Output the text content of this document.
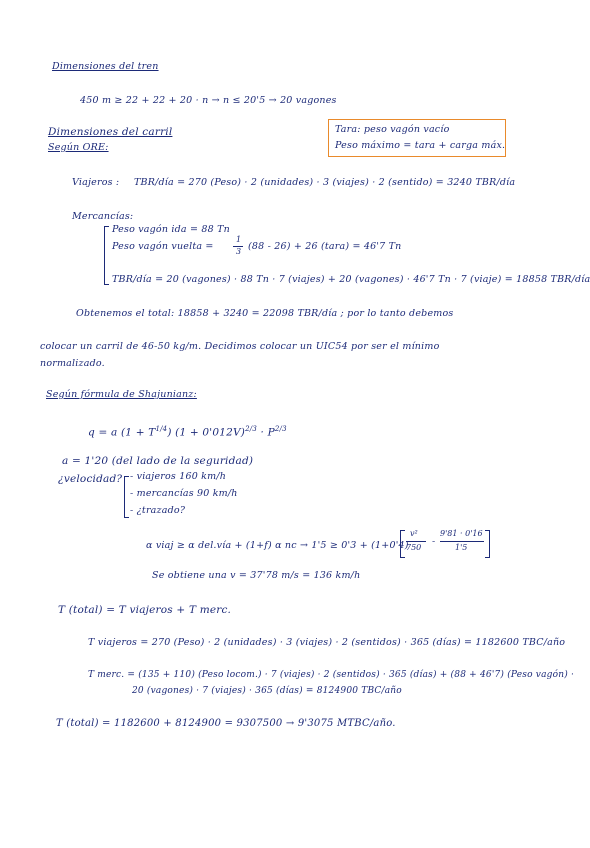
Dimensiones del tren
450 m ≥ 22 + 22 + 20 · n → n ≤ 20'5 → 20 vagones
Dimensiones del carril
Según ORE:
Tara: peso vagón vacío
Peso máximo = tara + carga máx.
Viajeros : TBR/día = 270 (Peso) · 2 (unidades) · 3 (viajes) · 2 (sentido) = 3240 TBR/día
Mercancías:
Peso vagón ida = 88 Tn
Peso vagón vuelta =
1
3 (88 - 26) + 26 (tara) = 46'7 Tn
TBR/día = 20 (vagones) · 88 Tn · 7 (viajes) + 20 (vagones) · 46'7 Tn · 7 (viaje) = 18858 TBR/día
Obtenemos el total: 18858 + 3240 = 22098 TBR/día ; por lo tanto debemos
colocar un carril de 46-50 kg/m. Decidimos colocar un UIC54 por ser el mínimo
normalizado.
Según fórmula de Shajunianz:
q = a $(1 + T^{1/4})$ $(1 + 0'012V)^{2/3} \cdot P^{2/3}$
a = 1'20 (del lado de la seguridad)
¿velocidad? - viajeros 160 km/h
- mercancías 90 km/h
- ¿trazado?
α viaj ≥ α del.vía + (1+f) α nc → 1'5 ≥ 0'3 + (1+0'4)
v²
750
-
9'81 · 0'16
1'5
Se obtiene una v = 37'78 m/s = 136 km/h
T (total) = T viajeros + T merc.
T viajeros = 270 (Peso) · 2 (unidades) · 3 (viajes) · 2 (sentidos) · 365 (días) = 1182600 TBC/año
T merc. = (135 + 110) (Peso locom.) · 7 (viajes) · 2 (sentidos) · 365 (días) + (88 + 46'7) (Peso vagón) ·
20 (vagones) · 7 (viajes) · 365 (días) = 8124900 TBC/año
T (total) = 1182600 + 8124900 = 9307500 → 9'3075 MTBC/año.
